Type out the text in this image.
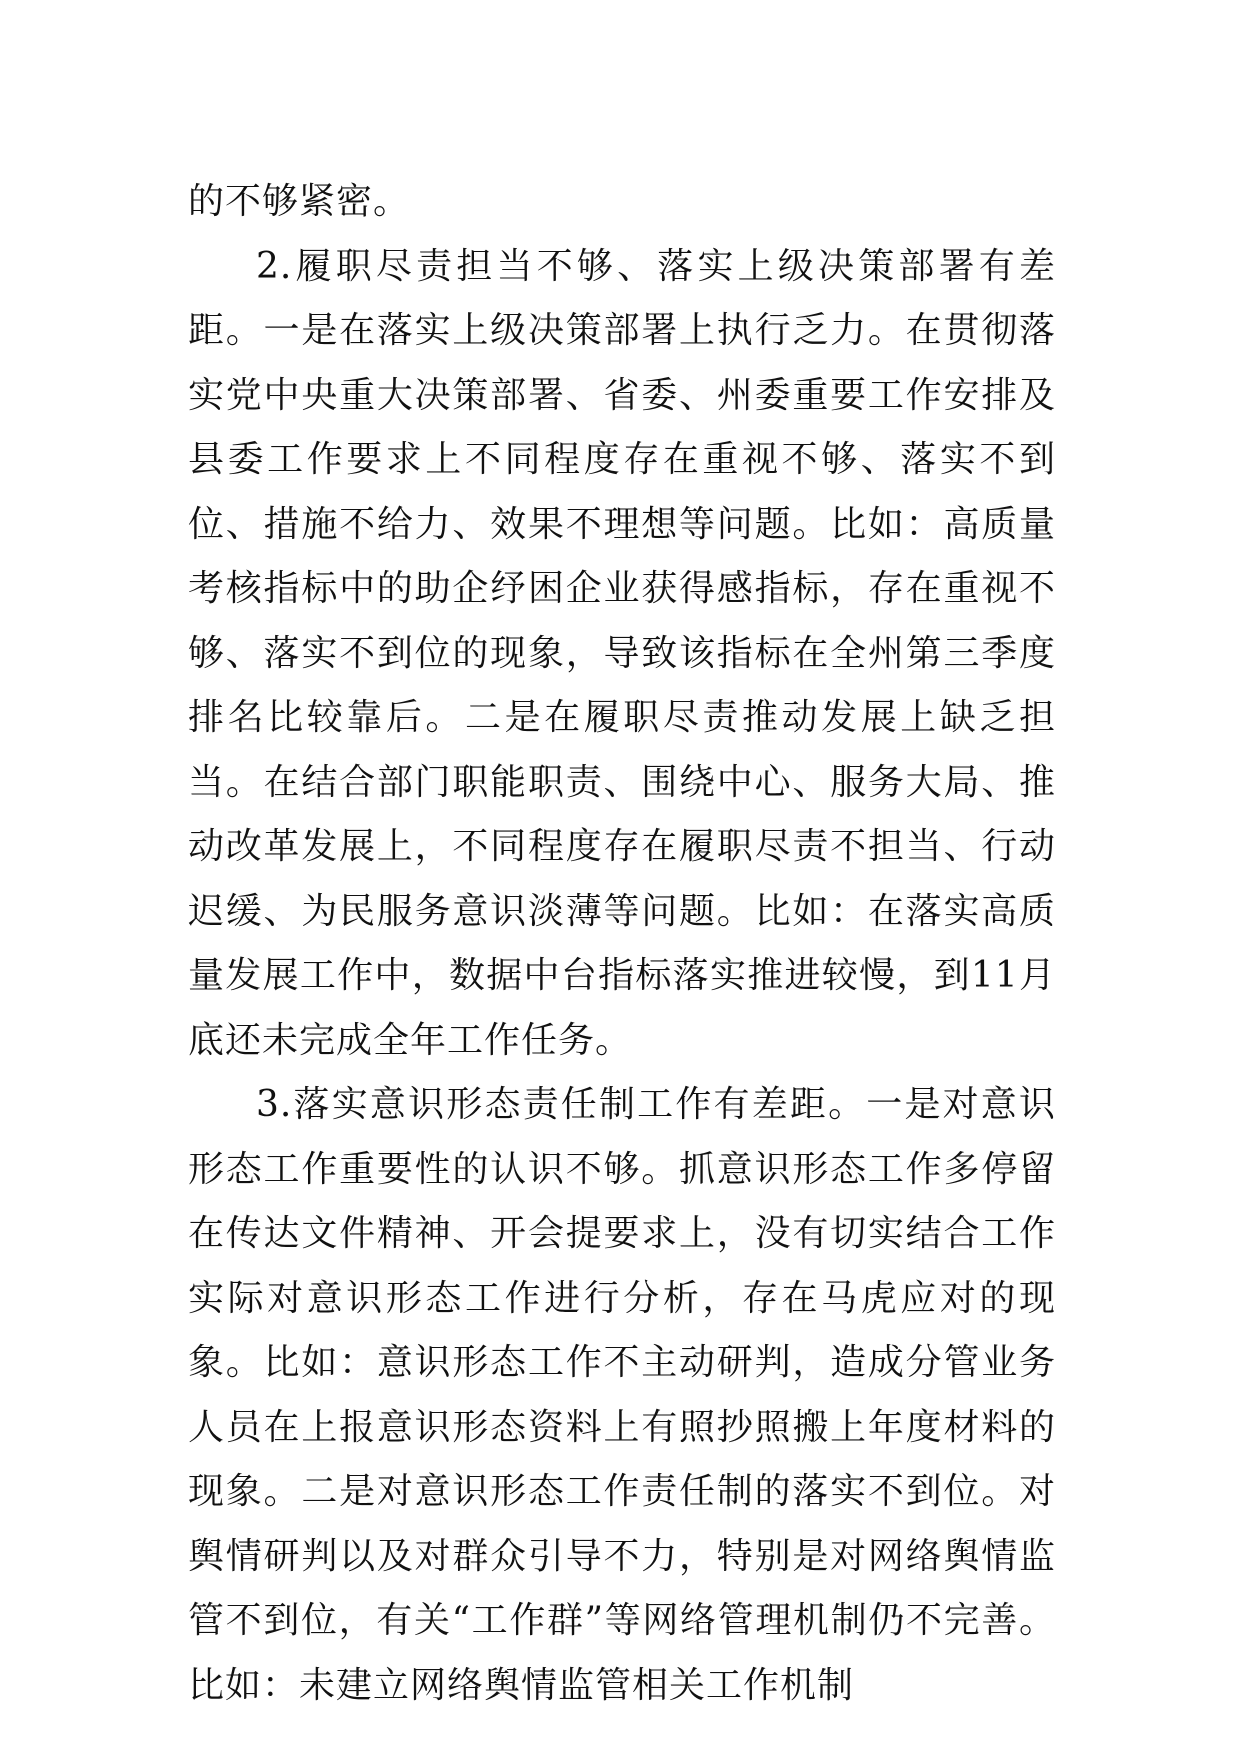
的不够紧密。

2.履职尽责担当不够、落实上级决策部署有差距。一是在落实上级决策部署上执行乏力。在贯彻落实党中央重大决策部署、省委、州委重要工作安排及县委工作要求上不同程度存在重视不够、落实不到位、措施不给力、效果不理想等问题。比如：高质量考核指标中的助企纾困企业获得感指标，存在重视不够、落实不到位的现象，导致该指标在全州第三季度排名比较靠后。二是在履职尽责推动发展上缺乏担当。在结合部门职能职责、围绕中心、服务大局、推动改革发展上，不同程度存在履职尽责不担当、行动迟缓、为民服务意识淡薄等问题。比如：在落实高质量发展工作中，数据中台指标落实推进较慢，到11月底还未完成全年工作任务。

3.落实意识形态责任制工作有差距。一是对意识形态工作重要性的认识不够。抓意识形态工作多停留在传达文件精神、开会提要求上，没有切实结合工作实际对意识形态工作进行分析，存在马虎应对的现象。比如：意识形态工作不主动研判，造成分管业务人员在上报意识形态资料上有照抄照搬上年度材料的现象。二是对意识形态工作责任制的落实不到位。对舆情研判以及对群众引导不力，特别是对网络舆情监管不到位，有关“工作群”等网络管理机制仍不完善。比如：未建立网络舆情监管相关工作机制
